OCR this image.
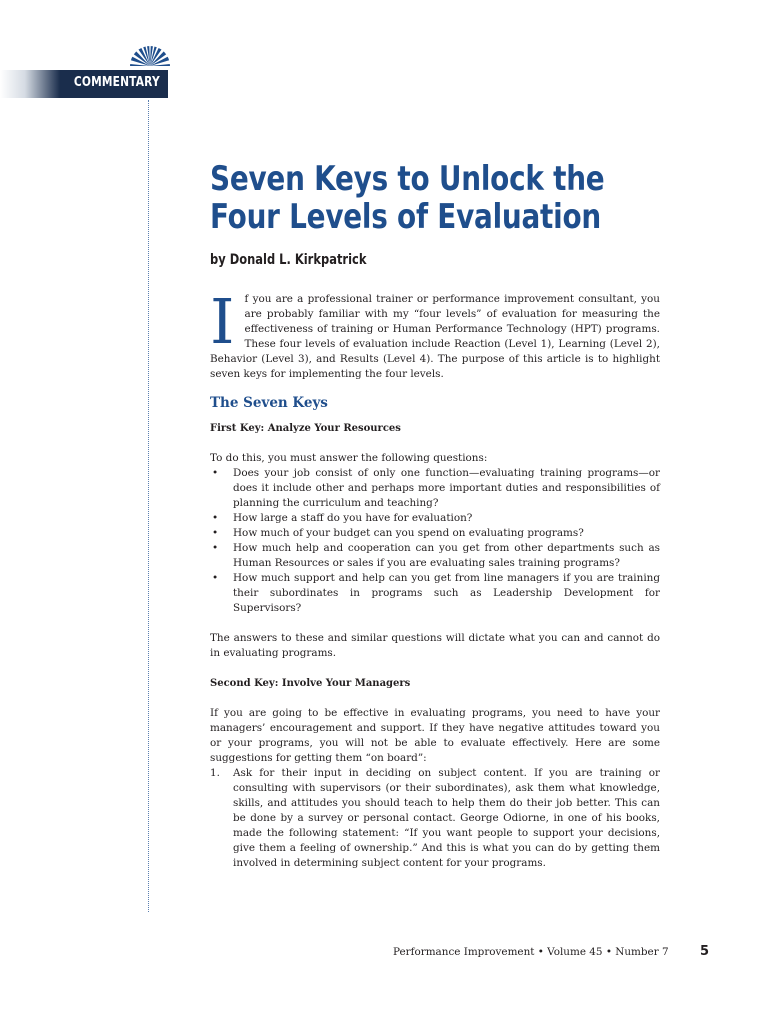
COMMENTARY
Seven Keys to Unlock the
Four Levels of Evaluation

by Donald L. Kirkpatrick

If you are a professional trainer or performance improvement consultant, you are probably familiar with my “four levels” of evaluation for measuring the effectiveness of training or Human Performance Technology (HPT) programs. These four levels of evaluation include Reaction (Level 1), Learning (Level 2), Behavior (Level 3), and Results (Level 4). The purpose of this article is to highlight seven keys for implementing the four levels.

The Seven Keys

First Key: Analyze Your Resources

To do this, you must answer the following questions:

• Does your job consist of only one function—evaluating training programs—or does it include other and perhaps more important duties and responsibilities of planning the curriculum and teaching?
• How large a staff do you have for evaluation?
• How much of your budget can you spend on evaluating programs?
• How much help and cooperation can you get from other departments such as Human Resources or sales if you are evaluating sales training programs?
• How much support and help can you get from line managers if you are training their subordinates in programs such as Leadership Development for Supervisors?

The answers to these and similar questions will dictate what you can and cannot do in evaluating programs.

Second Key: Involve Your Managers

If you are going to be effective in evaluating programs, you need to have your managers’ encouragement and support. If they have negative attitudes toward you or your programs, you will not be able to evaluate effectively. Here are some suggestions for getting them “on board”:

1. Ask for their input in deciding on subject content. If you are training or consulting with supervisors (or their subordinates), ask them what knowledge, skills, and attitudes you should teach to help them do their job better. This can be done by a survey or personal contact. George Odiorne, in one of his books, made the following statement: “If you want people to support your decisions, give them a feeling of ownership.” And this is what you can do by getting them involved in determining subject content for your programs.
Performance Improvement • Volume 45 • Number 7	5
